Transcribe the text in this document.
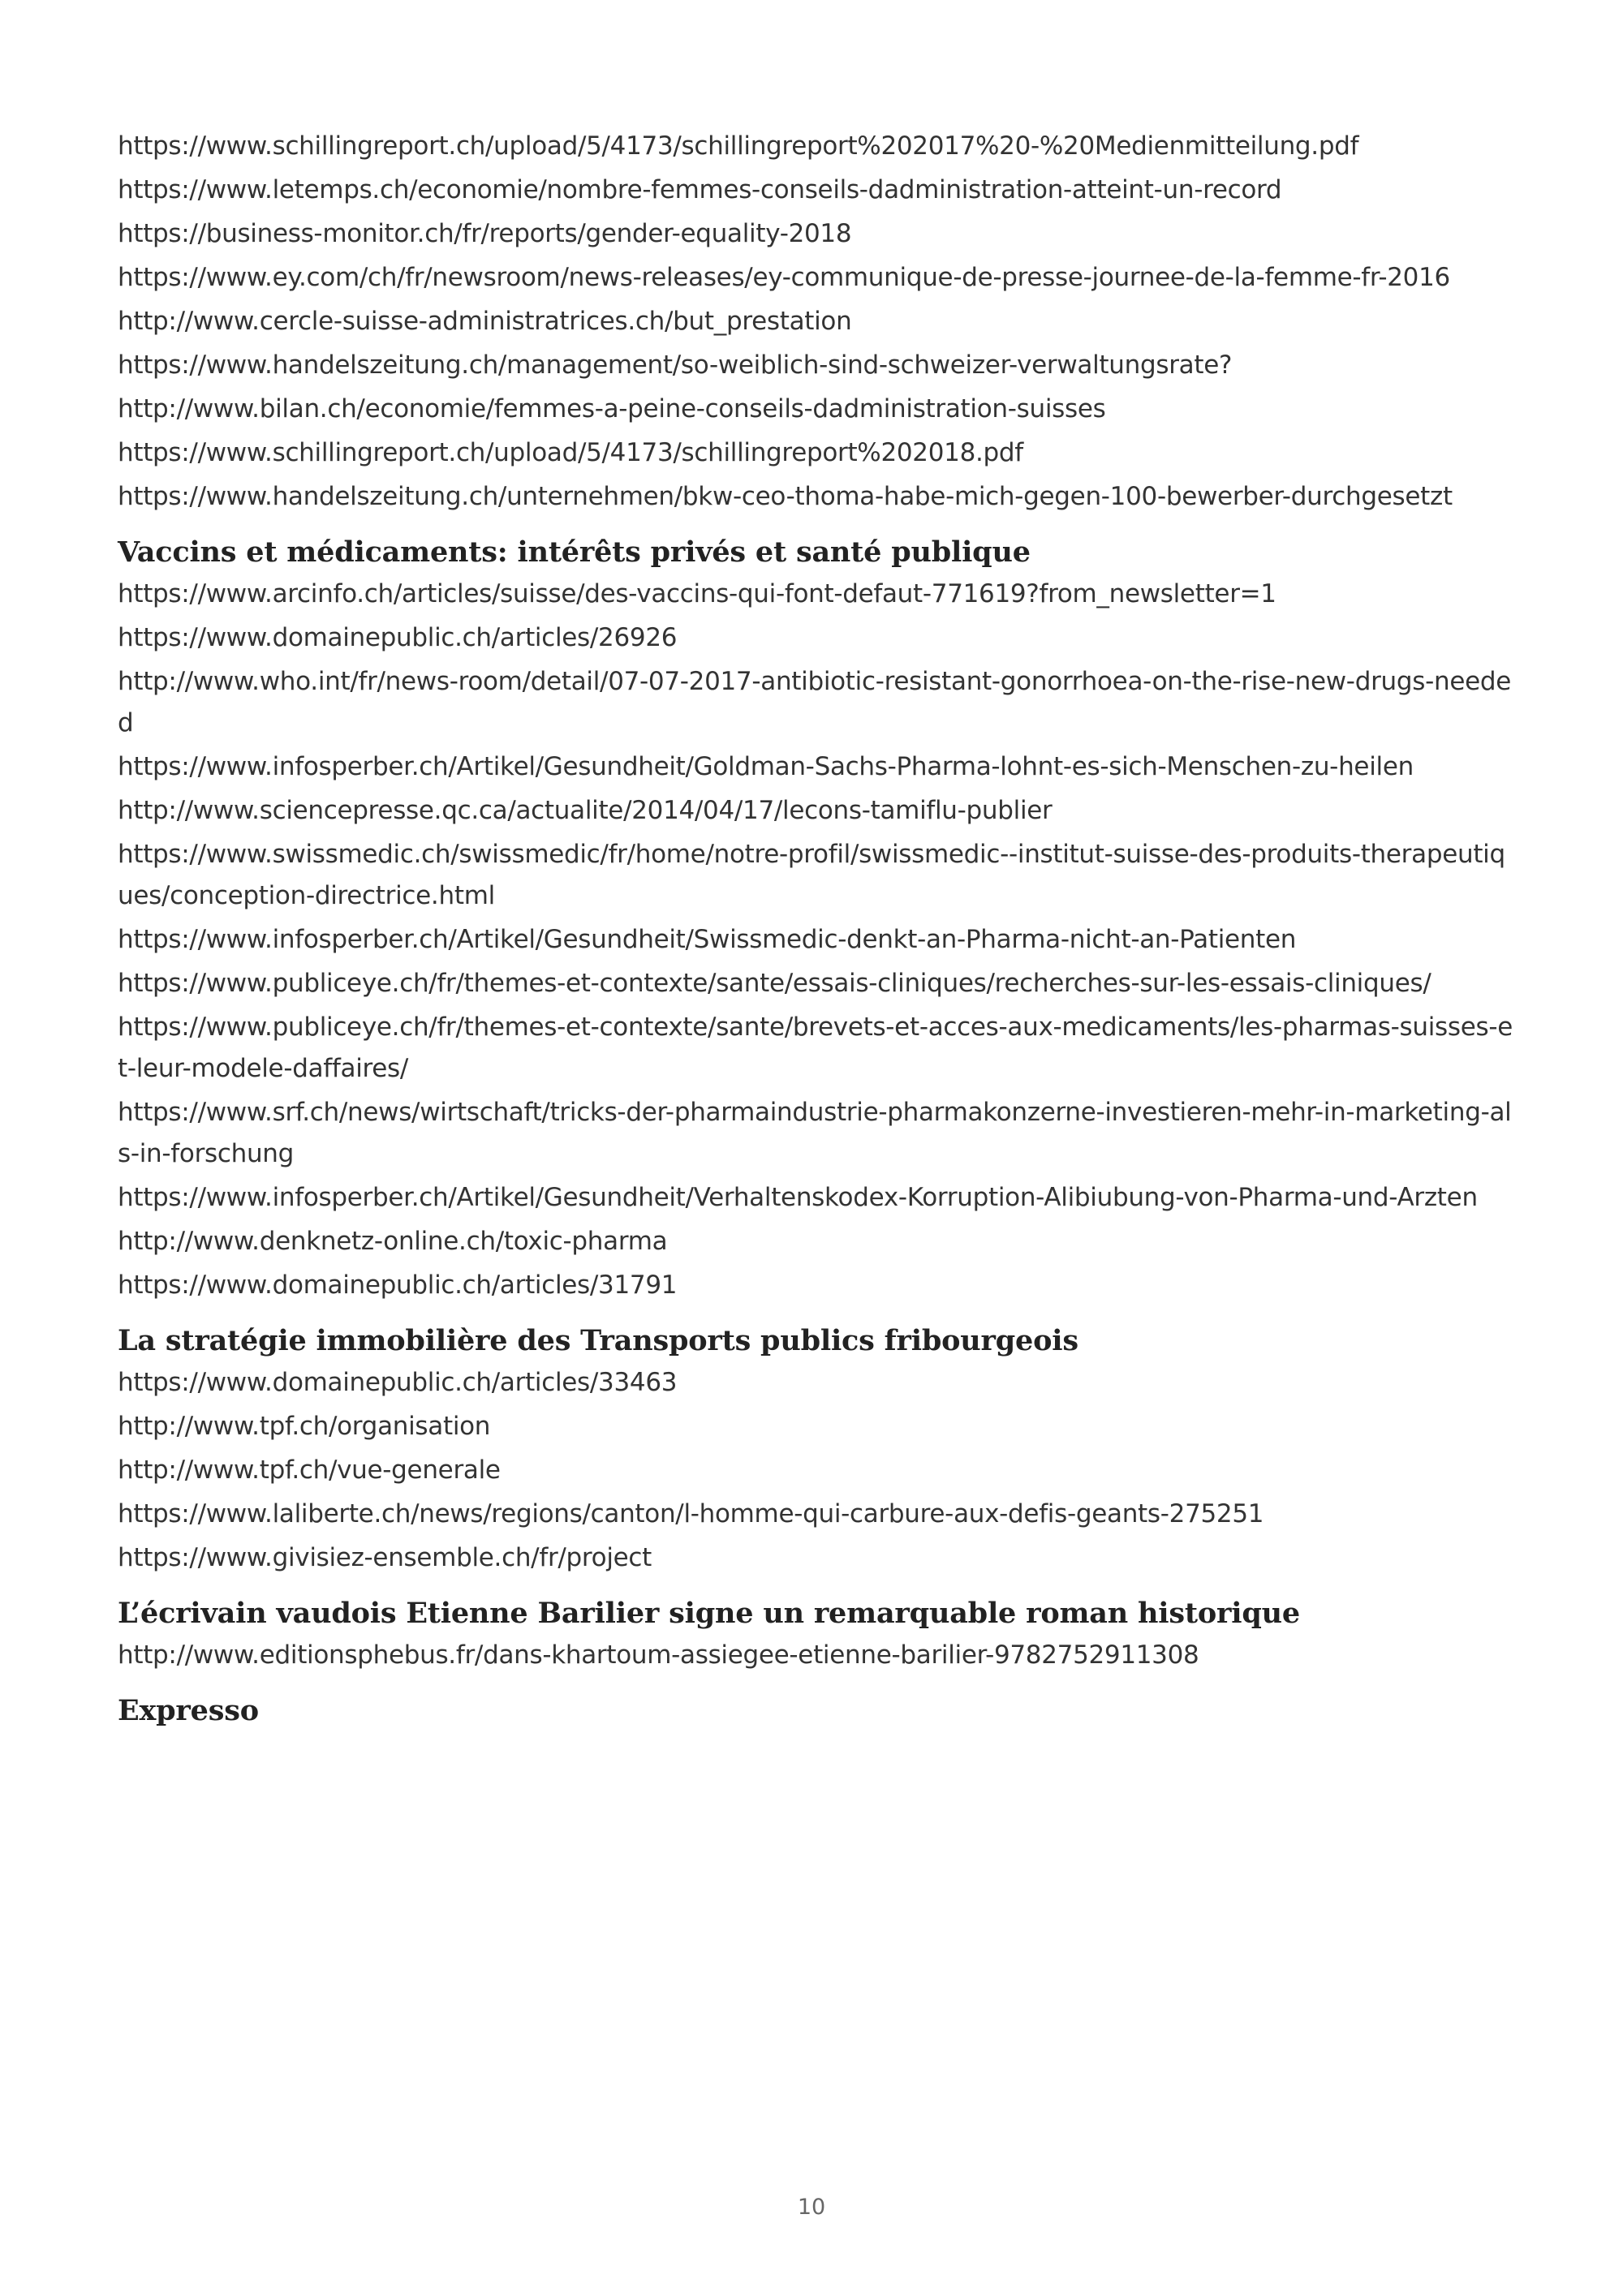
https://www.schillingreport.ch/upload/5/4173/schillingreport%202017%20-%20Medienmitteilung.pdf
https://www.letemps.ch/economie/nombre-femmes-conseils-dadministration-atteint-un-record
https://business-monitor.ch/fr/reports/gender-equality-2018
https://www.ey.com/ch/fr/newsroom/news-releases/ey-communique-de-presse-journee-de-la-femme-fr-2016
http://www.cercle-suisse-administratrices.ch/but_prestation
https://www.handelszeitung.ch/management/so-weiblich-sind-schweizer-verwaltungsrate?
http://www.bilan.ch/economie/femmes-a-peine-conseils-dadministration-suisses
https://www.schillingreport.ch/upload/5/4173/schillingreport%202018.pdf
https://www.handelszeitung.ch/unternehmen/bkw-ceo-thoma-habe-mich-gegen-100-bewerber-durchgesetzt
Vaccins et médicaments: intérêts privés et santé publique
https://www.arcinfo.ch/articles/suisse/des-vaccins-qui-font-defaut-771619?from_newsletter=1
https://www.domainepublic.ch/articles/26926
http://www.who.int/fr/news-room/detail/07-07-2017-antibiotic-resistant-gonorrhoea-on-the-rise-new-drugs-needed
https://www.infosperber.ch/Artikel/Gesundheit/Goldman-Sachs-Pharma-lohnt-es-sich-Menschen-zu-heilen
http://www.sciencepresse.qc.ca/actualite/2014/04/17/lecons-tamiflu-publier
https://www.swissmedic.ch/swissmedic/fr/home/notre-profil/swissmedic--institut-suisse-des-produits-therapeutiques/conception-directrice.html
https://www.infosperber.ch/Artikel/Gesundheit/Swissmedic-denkt-an-Pharma-nicht-an-Patienten
https://www.publiceye.ch/fr/themes-et-contexte/sante/essais-cliniques/recherches-sur-les-essais-cliniques/
https://www.publiceye.ch/fr/themes-et-contexte/sante/brevets-et-acces-aux-medicaments/les-pharmas-suisses-et-leur-modele-daffaires/
https://www.srf.ch/news/wirtschaft/tricks-der-pharmaindustrie-pharmakonzerne-investieren-mehr-in-marketing-als-in-forschung
https://www.infosperber.ch/Artikel/Gesundheit/Verhaltenskodex-Korruption-Alibiubung-von-Pharma-und-Arzten
http://www.denknetz-online.ch/toxic-pharma
https://www.domainepublic.ch/articles/31791
La stratégie immobilière des Transports publics fribourgeois
https://www.domainepublic.ch/articles/33463
http://www.tpf.ch/organisation
http://www.tpf.ch/vue-generale
https://www.laliberte.ch/news/regions/canton/l-homme-qui-carbure-aux-defis-geants-275251
https://www.givisiez-ensemble.ch/fr/project
L’écrivain vaudois Etienne Barilier signe un remarquable roman historique
http://www.editionsphebus.fr/dans-khartoum-assiegee-etienne-barilier-9782752911308
Expresso
10
